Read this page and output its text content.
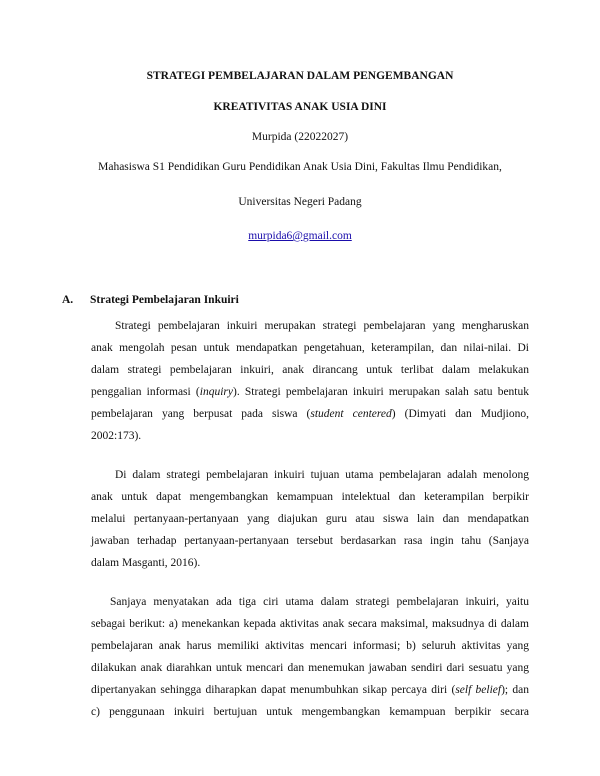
STRATEGI PEMBELAJARAN DALAM PENGEMBANGAN
KREATIVITAS ANAK USIA DINI
Murpida (22022027)
Mahasiswa S1 Pendidikan Guru Pendidikan Anak Usia Dini, Fakultas Ilmu Pendidikan,
Universitas Negeri Padang
murpida6@gmail.com
A. Strategi Pembelajaran Inkuiri
Strategi pembelajaran inkuiri merupakan strategi pembelajaran yang mengharuskan
anak mengolah pesan untuk mendapatkan pengetahuan, keterampilan, dan nilai-nilai. Di
dalam strategi pembelajaran inkuiri, anak dirancang untuk terlibat dalam melakukan
penggalian informasi (inquiry). Strategi pembelajaran inkuiri merupakan salah satu bentuk
pembelajaran yang berpusat pada siswa (student centered) (Dimyati dan Mudjiono,
2002:173).
Di dalam strategi pembelajaran inkuiri tujuan utama pembelajaran adalah menolong
anak untuk dapat mengembangkan kemampuan intelektual dan keterampilan berpikir
melalui pertanyaan-pertanyaan yang diajukan guru atau siswa lain dan mendapatkan
jawaban terhadap pertanyaan-pertanyaan tersebut berdasarkan rasa ingin tahu (Sanjaya
dalam Masganti, 2016).
Sanjaya menyatakan ada tiga ciri utama dalam strategi pembelajaran inkuiri, yaitu
sebagai berikut: a) menekankan kepada aktivitas anak secara maksimal, maksudnya di dalam
pembelajaran anak harus memiliki aktivitas mencari informasi; b) seluruh aktivitas yang
dilakukan anak diarahkan untuk mencari dan menemukan jawaban sendiri dari sesuatu yang
dipertanyakan sehingga diharapkan dapat menumbuhkan sikap percaya diri (self belief); dan
c) penggunaan inkuiri bertujuan untuk mengembangkan kemampuan berpikir secara
